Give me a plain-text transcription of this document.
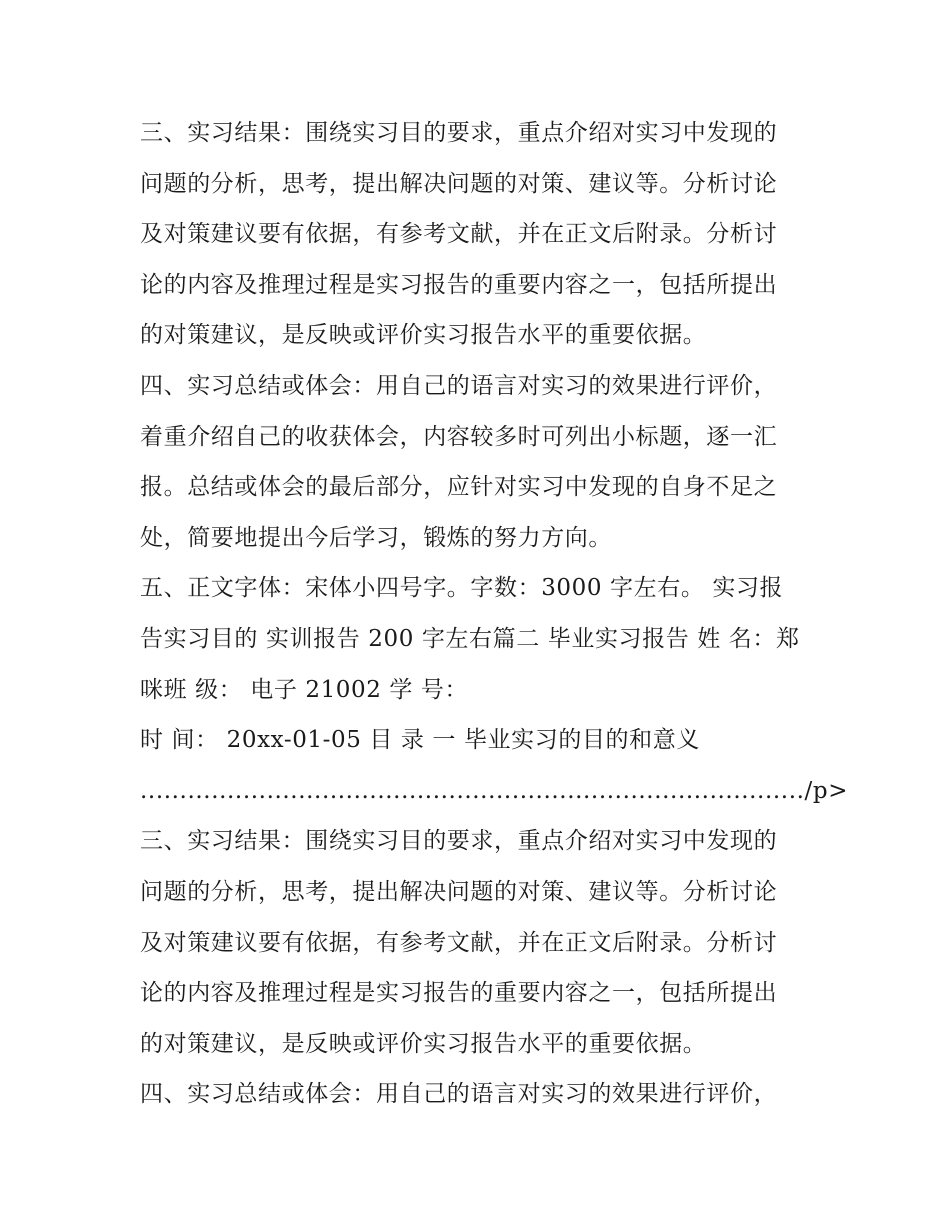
三、实习结果：围绕实习目的要求，重点介绍对实习中发现的
问题的分析，思考，提出解决问题的对策、建议等。分析讨论
及对策建议要有依据，有参考文献，并在正文后附录。分析讨
论的内容及推理过程是实习报告的重要内容之一，包括所提出
的对策建议，是反映或评价实习报告水平的重要依据。
四、实习总结或体会：用自己的语言对实习的效果进行评价，
着重介绍自己的收获体会，内容较多时可列出小标题，逐一汇
报。总结或体会的最后部分，应针对实习中发现的自身不足之
处，简要地提出今后学习，锻炼的努力方向。
五、正文字体：宋体小四号字。字数：3000 字左右。 实习报
告实习目的 实训报告 200 字左右篇二 毕业实习报告 姓 名：郑
咪班 级： 电子 21002 学 号：
时 间： 20xx-01-05 目 录 一 毕业实习的目的和意义
..................................................................................../p>
三、实习结果：围绕实习目的要求，重点介绍对实习中发现的
问题的分析，思考，提出解决问题的对策、建议等。分析讨论
及对策建议要有依据，有参考文献，并在正文后附录。分析讨
论的内容及推理过程是实习报告的重要内容之一，包括所提出
的对策建议，是反映或评价实习报告水平的重要依据。
四、实习总结或体会：用自己的语言对实习的效果进行评价，
